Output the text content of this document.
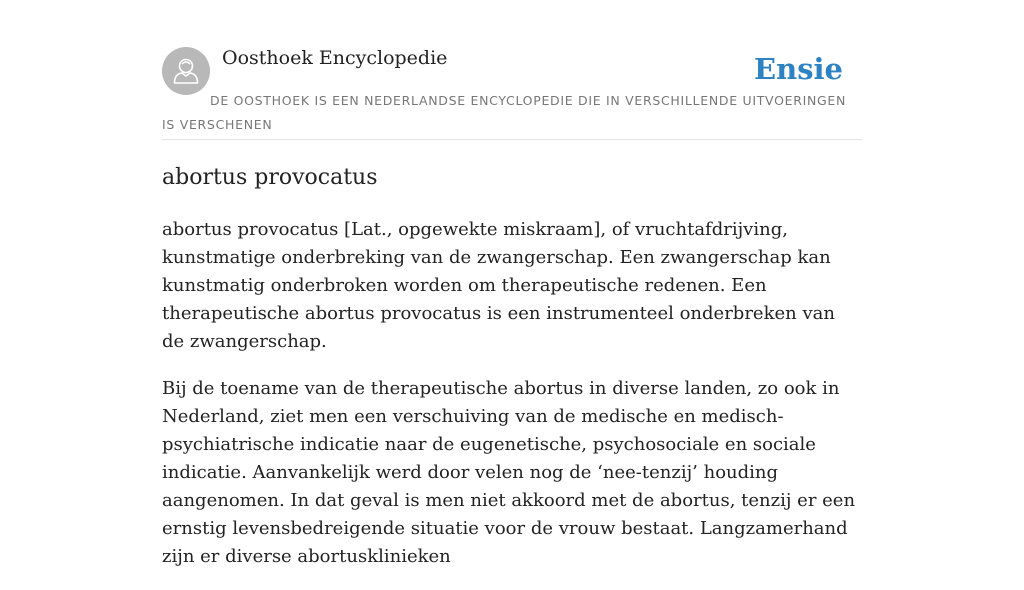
Oosthoek Encyclopedie	Ensie

DE OOSTHOEK IS EEN NEDERLANDSE ENCYCLOPEDIE DIE IN VERSCHILLENDE UITVOERINGEN IS VERSCHENEN

abortus provocatus

abortus provocatus [Lat., opgewekte miskraam], of vruchtafdrijving, kunstmatige onderbreking van de zwangerschap. Een zwangerschap kan kunstmatig onderbroken worden om therapeutische redenen. Een therapeutische abortus provocatus is een instrumenteel onderbreken van de zwangerschap.

Bij de toename van de therapeutische abortus in diverse landen, zo ook in Nederland, ziet men een verschuiving van de medische en medisch-psychiatrische indicatie naar de eugenetische, psychosociale en sociale indicatie. Aanvankelijk werd door velen nog de ‘nee-tenzij’ houding aangenomen. In dat geval is men niet akkoord met de abortus, tenzij er een ernstig levensbedreigende situatie voor de vrouw bestaat. Langzamerhand zijn er diverse abortusklinieken
